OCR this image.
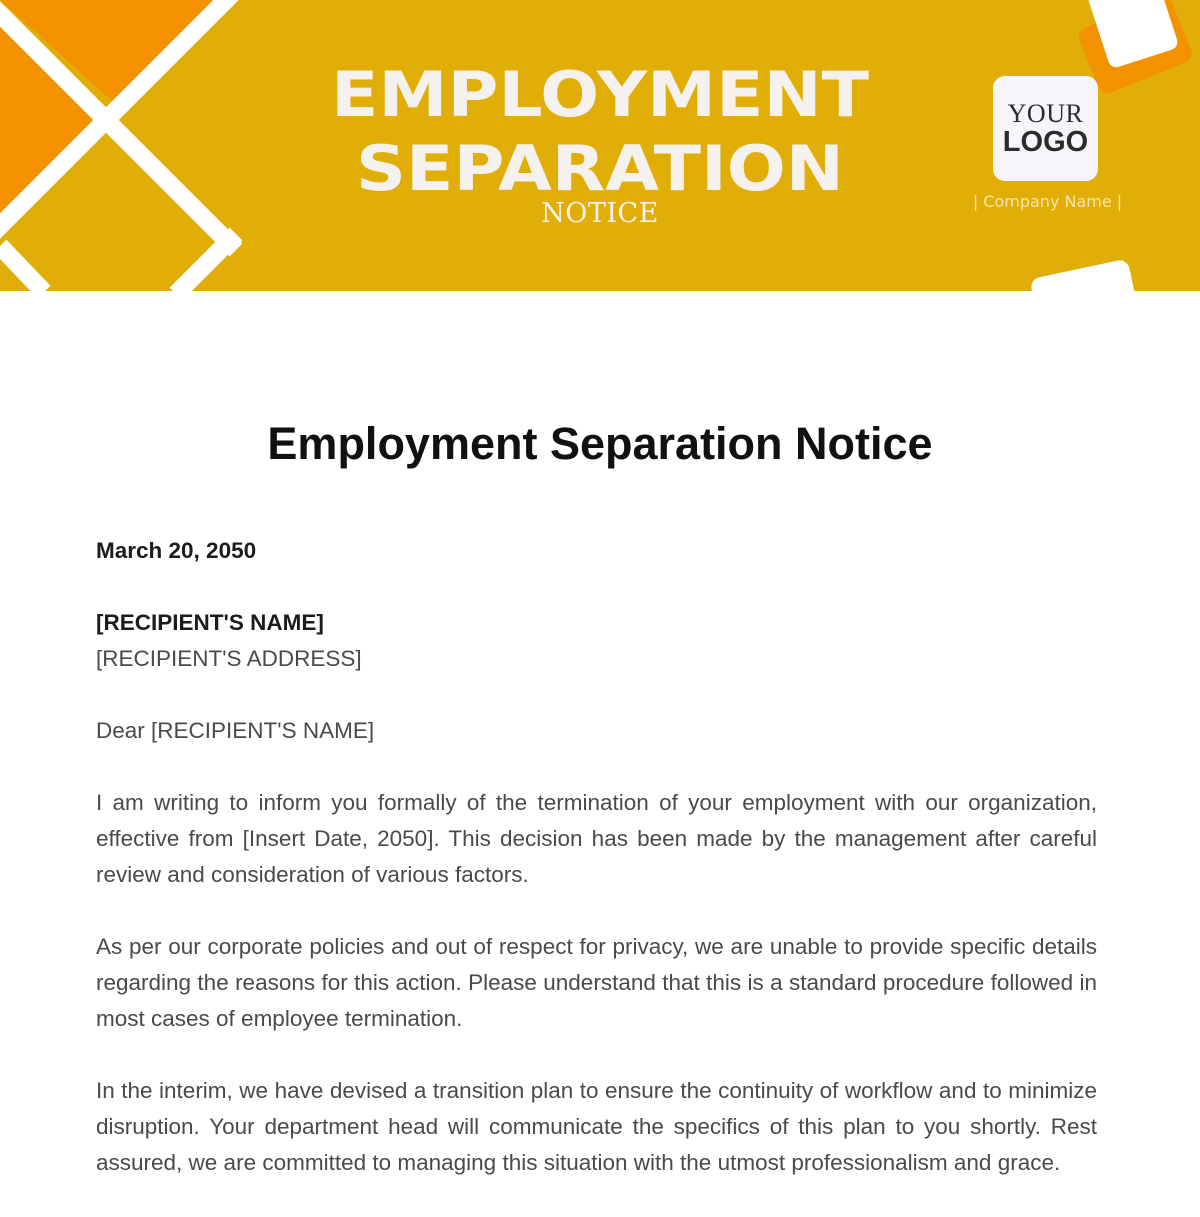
EMPLOYMENT
SEPARATION
NOTICE
YOUR
LOGO
| Company Name |
Employment Separation Notice

March 20, 2050

[RECIPIENT'S NAME]

[RECIPIENT'S ADDRESS]

Dear [RECIPIENT'S NAME]

I am writing to inform you formally of the termination of your employment with our organization, effective from [Insert Date, 2050]. This decision has been made by the management after careful review and consideration of various factors.

As per our corporate policies and out of respect for privacy, we are unable to provide specific details regarding the reasons for this action. Please understand that this is a standard procedure followed in most cases of employee termination.

In the interim, we have devised a transition plan to ensure the continuity of workflow and to minimize disruption. Your department head will communicate the specifics of this plan to you shortly. Rest assured, we are committed to managing this situation with the utmost professionalism and grace.
